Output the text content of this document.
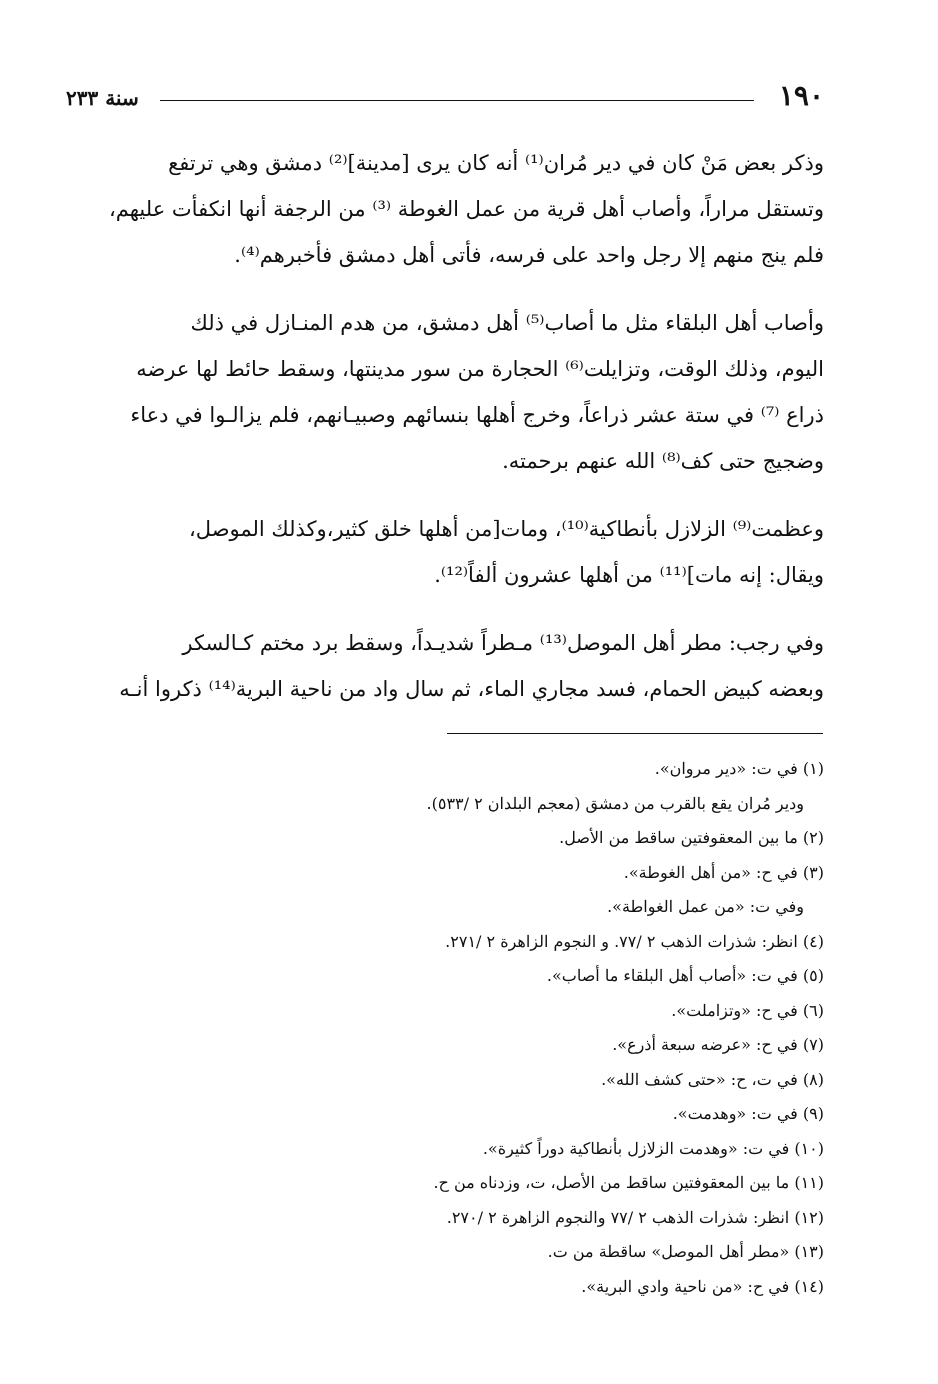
١٩٠
سنة ٢٣٣

وذكر بعض مَنْ كان في دير مُران⁽¹⁾ أنه كان يرى [مدينة]⁽²⁾ دمشق وهي ترتفع
وتستقل مراراً، وأصاب أهل قرية من عمل الغوطة ⁽³⁾ من الرجفة أنها انكفأت عليهم،
فلم ينج منهم إلا رجل واحد على فرسه، فأتى أهل دمشق فأخبرهم⁽⁴⁾.

وأصاب أهل البلقاء مثل ما أصاب⁽⁵⁾ أهل دمشق، من هدم المنـازل في ذلك
اليوم، وذلك الوقت، وتزايلت⁽⁶⁾ الحجارة من سور مدينتها، وسقط حائط لها عرضه
ذراع ⁽⁷⁾ في ستة عشر ذراعاً، وخرج أهلها بنسائهم وصبيـانهم، فلم يزالـوا في دعاء
وضجيج حتى كف⁽⁸⁾ الله عنهم برحمته.

وعظمت⁽⁹⁾ الزلازل بأنطاكية⁽¹⁰⁾، ومات[من أهلها خلق كثير،وكذلك الموصل،
ويقال: إنه مات]⁽¹¹⁾ من أهلها عشرون ألفاً⁽¹²⁾.

وفي رجب: مطر أهل الموصل⁽¹³⁾ مـطراً شديـداً، وسقط برد مختم كـالسكر
وبعضه كبيض الحمام، فسد مجاري الماء، ثم سال واد من ناحية البرية⁽¹⁴⁾ ذكروا أنـه

(١) في ت: «دير مروان».

ودير مُران يقع بالقرب من دمشق (معجم البلدان ٢ /٥٣٣).

(٢) ما بين المعقوفتين ساقط من الأصل.

(٣) في ح: «من أهل الغوطة».

وفي ت: «من عمل الغواطة».

(٤) انظر: شذرات الذهب ٢ /٧٧. و النجوم الزاهرة ٢ /٢٧١.

(٥) في ت: «أصاب أهل البلقاء ما أصاب».

(٦) في ح: «وتزاملت».

(٧) في ح: «عرضه سبعة أذرع».

(٨) في ت، ح: «حتى كشف الله».

(٩) في ت: «وهدمت».

(١٠) في ت: «وهدمت الزلازل بأنطاكية دوراً كثيرة».

(١١) ما بين المعقوفتين ساقط من الأصل، ت، وزدناه من ح.

(١٢) انظر: شذرات الذهب ٢ /٧٧ والنجوم الزاهرة ٢ /٢٧٠.

(١٣) «مطر أهل الموصل» ساقطة من ت.

(١٤) في ح: «من ناحية وادي البرية».
